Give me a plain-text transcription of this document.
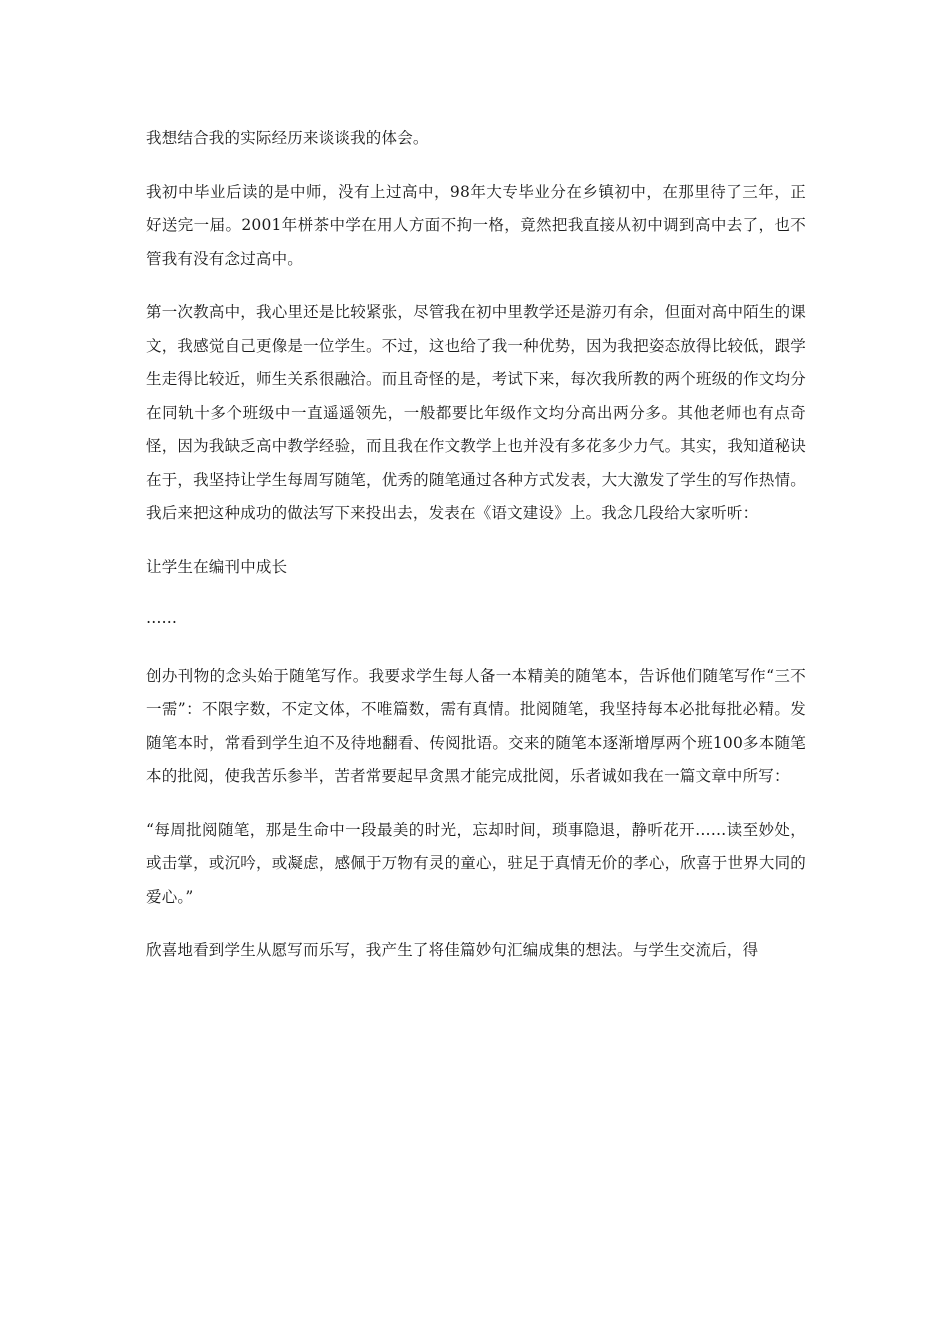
我想结合我的实际经历来谈谈我的体会。

我初中毕业后读的是中师，没有上过高中，98年大专毕业分在乡镇初中，在那里待了三年，正好送完一届。2001年栟茶中学在用人方面不拘一格，竟然把我直接从初中调到高中去了，也不管我有没有念过高中。

第一次教高中，我心里还是比较紧张，尽管我在初中里教学还是游刃有余，但面对高中陌生的课文，我感觉自己更像是一位学生。不过，这也给了我一种优势，因为我把姿态放得比较低，跟学生走得比较近，师生关系很融洽。而且奇怪的是，考试下来，每次我所教的两个班级的作文均分在同轨十多个班级中一直遥遥领先，一般都要比年级作文均分高出两分多。其他老师也有点奇怪，因为我缺乏高中教学经验，而且我在作文教学上也并没有多花多少力气。其实，我知道秘诀在于，我坚持让学生每周写随笔，优秀的随笔通过各种方式发表，大大激发了学生的写作热情。我后来把这种成功的做法写下来投出去，发表在《语文建设》上。我念几段给大家听听：

让学生在编刊中成长

……

创办刊物的念头始于随笔写作。我要求学生每人备一本精美的随笔本，告诉他们随笔写作“三不一需”：不限字数，不定文体，不唯篇数，需有真情。批阅随笔，我坚持每本必批每批必精。发随笔本时，常看到学生迫不及待地翻看、传阅批语。交来的随笔本逐渐增厚两个班100多本随笔本的批阅，使我苦乐参半，苦者常要起早贪黑才能完成批阅，乐者诚如我在一篇文章中所写：

“每周批阅随笔，那是生命中一段最美的时光，忘却时间，琐事隐退，静听花开……读至妙处，或击掌，或沉吟，或凝虑，感佩于万物有灵的童心，驻足于真情无价的孝心，欣喜于世界大同的爱心。”

欣喜地看到学生从愿写而乐写，我产生了将佳篇妙句汇编成集的想法。与学生交流后，得
